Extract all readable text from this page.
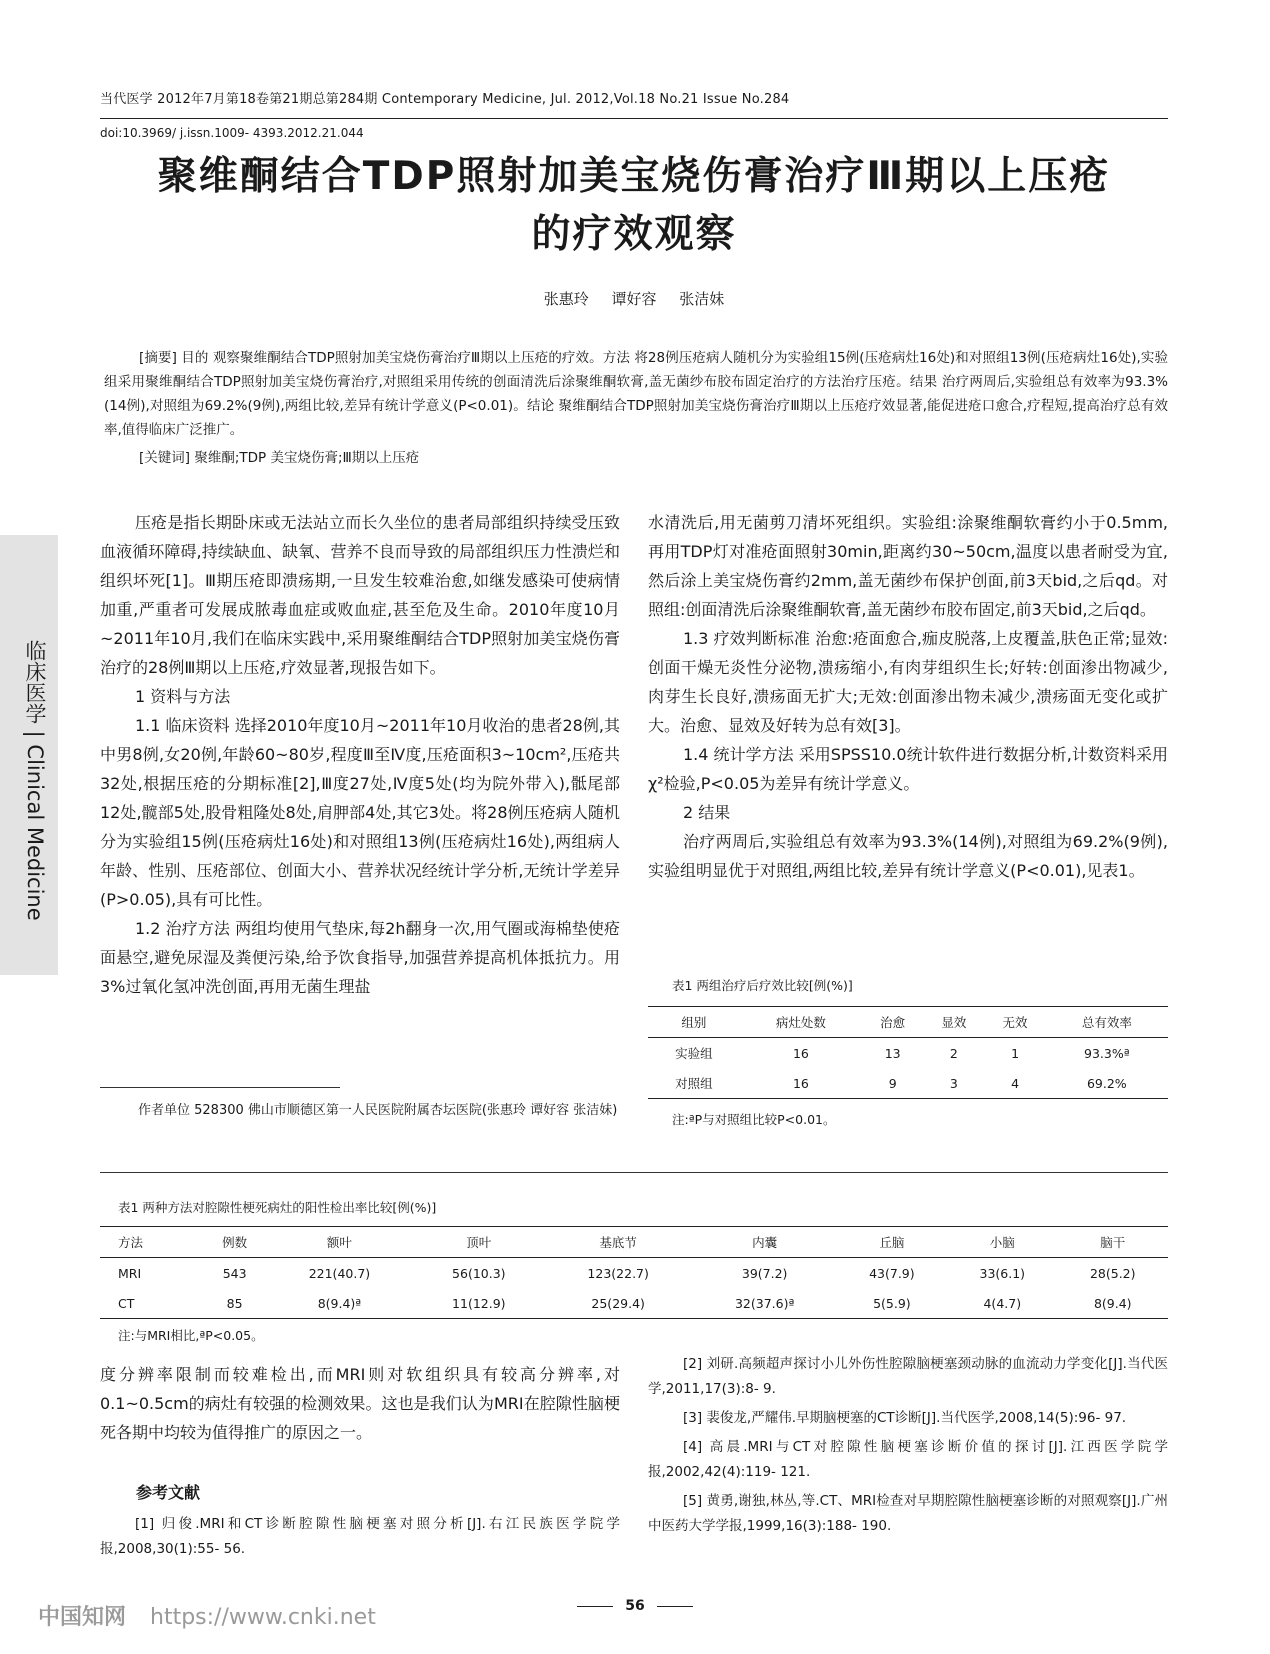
当代医学 2012年7月第18卷第21期总第284期 Contemporary Medicine, Jul. 2012,Vol.18 No.21 Issue No.284
doi:10.3969/ j.issn.1009- 4393.2012.21.044
聚维酮结合TDP照射加美宝烧伤膏治疗Ⅲ期以上压疮
的疗效观察
张惠玲 谭好容 张洁妹

[摘要] 目的 观察聚维酮结合TDP照射加美宝烧伤膏治疗Ⅲ期以上压疮的疗效。方法 将28例压疮病人随机分为实验组15例(压疮病灶16处)和对照组13例(压疮病灶16处),实验组采用聚维酮结合TDP照射加美宝烧伤膏治疗,对照组采用传统的创面清洗后涂聚维酮软膏,盖无菌纱布胶布固定治疗的方法治疗压疮。结果 治疗两周后,实验组总有效率为93.3%(14例),对照组为69.2%(9例),两组比较,差异有统计学意义(P<0.01)。结论 聚维酮结合TDP照射加美宝烧伤膏治疗Ⅲ期以上压疮疗效显著,能促进疮口愈合,疗程短,提高治疗总有效率,值得临床广泛推广。

[关键词] 聚维酮;TDP 美宝烧伤膏;Ⅲ期以上压疮

临床医学 | Clinical Medicine

压疮是指长期卧床或无法站立而长久坐位的患者局部组织持续受压致血液循环障碍,持续缺血、缺氧、营养不良而导致的局部组织压力性溃烂和组织坏死[1]。Ⅲ期压疮即溃疡期,一旦发生较难治愈,如继发感染可使病情加重,严重者可发展成脓毒血症或败血症,甚至危及生命。2010年度10月~2011年10月,我们在临床实践中,采用聚维酮结合TDP照射加美宝烧伤膏治疗的28例Ⅲ期以上压疮,疗效显著,现报告如下。

1 资料与方法

1.1 临床资料 选择2010年度10月~2011年10月收治的患者28例,其中男8例,女20例,年龄60~80岁,程度Ⅲ至Ⅳ度,压疮面积3~10cm²,压疮共32处,根据压疮的分期标准[2],Ⅲ度27处,Ⅳ度5处(均为院外带入),骶尾部12处,髋部5处,股骨粗隆处8处,肩胛部4处,其它3处。将28例压疮病人随机分为实验组15例(压疮病灶16处)和对照组13例(压疮病灶16处),两组病人年龄、性别、压疮部位、创面大小、营养状况经统计学分析,无统计学差异(P>0.05),具有可比性。

1.2 治疗方法 两组均使用气垫床,每2h翻身一次,用气圈或海棉垫使疮面悬空,避免尿湿及粪便污染,给予饮食指导,加强营养提高机体抵抗力。用3%过氧化氢冲洗创面,再用无菌生理盐

水清洗后,用无菌剪刀清坏死组织。实验组:涂聚维酮软膏约小于0.5mm,再用TDP灯对准疮面照射30min,距离约30~50cm,温度以患者耐受为宜,然后涂上美宝烧伤膏约2mm,盖无菌纱布保护创面,前3天bid,之后qd。对照组:创面清洗后涂聚维酮软膏,盖无菌纱布胶布固定,前3天bid,之后qd。

1.3 疗效判断标准 治愈:疮面愈合,痂皮脱落,上皮覆盖,肤色正常;显效:创面干燥无炎性分泌物,溃疡缩小,有肉芽组织生长;好转:创面渗出物减少,肉芽生长良好,溃疡面无扩大;无效:创面渗出物未减少,溃疡面无变化或扩大。治愈、显效及好转为总有效[3]。

1.4 统计学方法 采用SPSS10.0统计软件进行数据分析,计数资料采用χ²检验,P<0.05为差异有统计学意义。

2 结果

治疗两周后,实验组总有效率为93.3%(14例),对照组为69.2%(9例),实验组明显优于对照组,两组比较,差异有统计学意义(P<0.01),见表1。

表1 两组治疗后疗效比较[例(%)]
组别	病灶处数	治愈	显效	无效	总有效率
实验组	16	13	2	1	93.3%ª
对照组	16	9	3	4	69.2%
注:ªP与对照组比较P<0.01。

作者单位 528300 佛山市顺德区第一人民医院附属杏坛医院(张惠玲 谭好容 张洁妹)

表1 两种方法对腔隙性梗死病灶的阳性检出率比较[例(%)]
方法	例数	额叶	顶叶	基底节	内囊	丘脑	小脑	脑干
MRI	543	221(40.7)	56(10.3)	123(22.7)	39(7.2)	43(7.9)	33(6.1)	28(5.2)
CT	85	8(9.4)ª	11(12.9)	25(29.4)	32(37.6)ª	5(5.9)	4(4.7)	8(9.4)
注:与MRI相比,ªP<0.05。

度分辨率限制而较难检出,而MRI则对软组织具有较高分辨率,对0.1~0.5cm的病灶有较强的检测效果。这也是我们认为MRI在腔隙性脑梗死各期中均较为值得推广的原因之一。

参考文献

[1] 归俊.MRI和CT诊断腔隙性脑梗塞对照分析[J].右江民族医学院学报,2008,30(1):55- 56.

[2] 刘研.高频超声探讨小儿外伤性腔隙脑梗塞颈动脉的血流动力学变化[J].当代医学,2011,17(3):8- 9.

[3] 裴俊龙,严耀伟.早期脑梗塞的CT诊断[J].当代医学,2008,14(5):96- 97.

[4] 高晨.MRI与CT对腔隙性脑梗塞诊断价值的探讨[J].江西医学院学报,2002,42(4):119- 121.

[5] 黄勇,谢独,林丛,等.CT、MRI检查对早期腔隙性脑梗塞诊断的对照观察[J].广州中医药大学学报,1999,16(3):188- 190.

56
中国知网 https://www.cnki.net
